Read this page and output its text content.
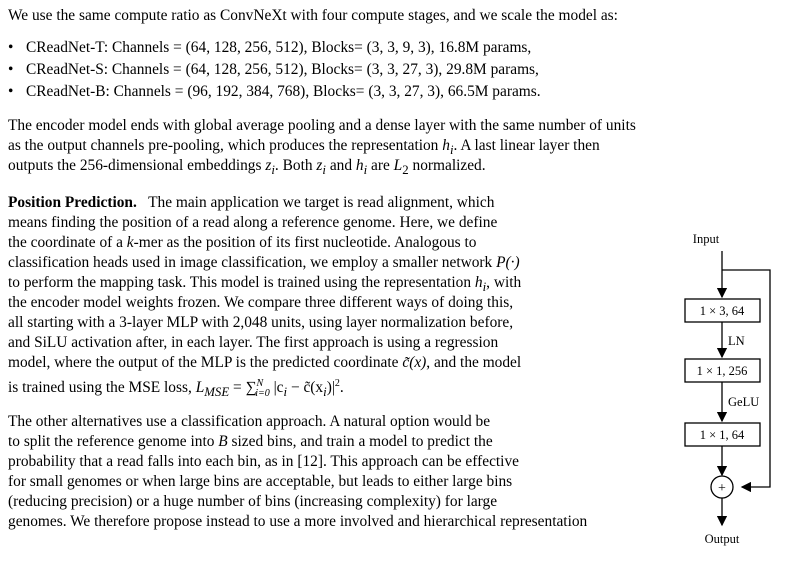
We use the same compute ratio as ConvNeXt with four compute stages, and we scale the model as:

• CReadNet-T: Channels = (64, 128, 256, 512), Blocks= (3, 3, 9, 3), 16.8M params,
• CReadNet-S: Channels = (64, 128, 256, 512), Blocks= (3, 3, 27, 3), 29.8M params,
• CReadNet-B: Channels = (96, 192, 384, 768), Blocks= (3, 3, 27, 3), 66.5M params.

The encoder model ends with global average pooling and a dense layer with the same number of units

as the output channels pre-pooling, which produces the representation $h_i$. A last linear layer then

outputs the 256-dimensional embeddings $z_i$. Both $z_i$ and $h_i$ are $L_2$ normalized.

Position Prediction.   The main application we target is read alignment, which

means finding the position of a read along a reference genome. Here, we define

the coordinate of a k-mer as the position of its first nucleotide. Analogous to

classification heads used in image classification, we employ a smaller network P(·)

to perform the mapping task. This model is trained using the representation $h_i$, with

the encoder model weights frozen. We compare three different ways of doing this,

all starting with a 3-layer MLP with 2,048 units, using layer normalization before,

and SiLU activation after, in each layer. The first approach is using a regression

model, where the output of the MLP is the predicted coordinate c̃(x), and the model

is trained using the MSE loss, $L_{MSE} = \sum^N_{i=0}$ $|c_i$ − $c̃(x_i)|^2$.

The other alternatives use a classification approach. A natural option would be

to split the reference genome into B sized bins, and train a model to predict the

probability that a read falls into each bin, as in [12]. This approach can be effective

for small genomes or when large bins are acceptable, but leads to either large bins

(reducing precision) or a huge number of bins (increasing complexity) for large

genomes. We therefore propose instead to use a more involved and hierarchical representation

Input
1 × 3, 64
LN
1 × 1, 256
GeLU
1 × 1, 64
+
Output
